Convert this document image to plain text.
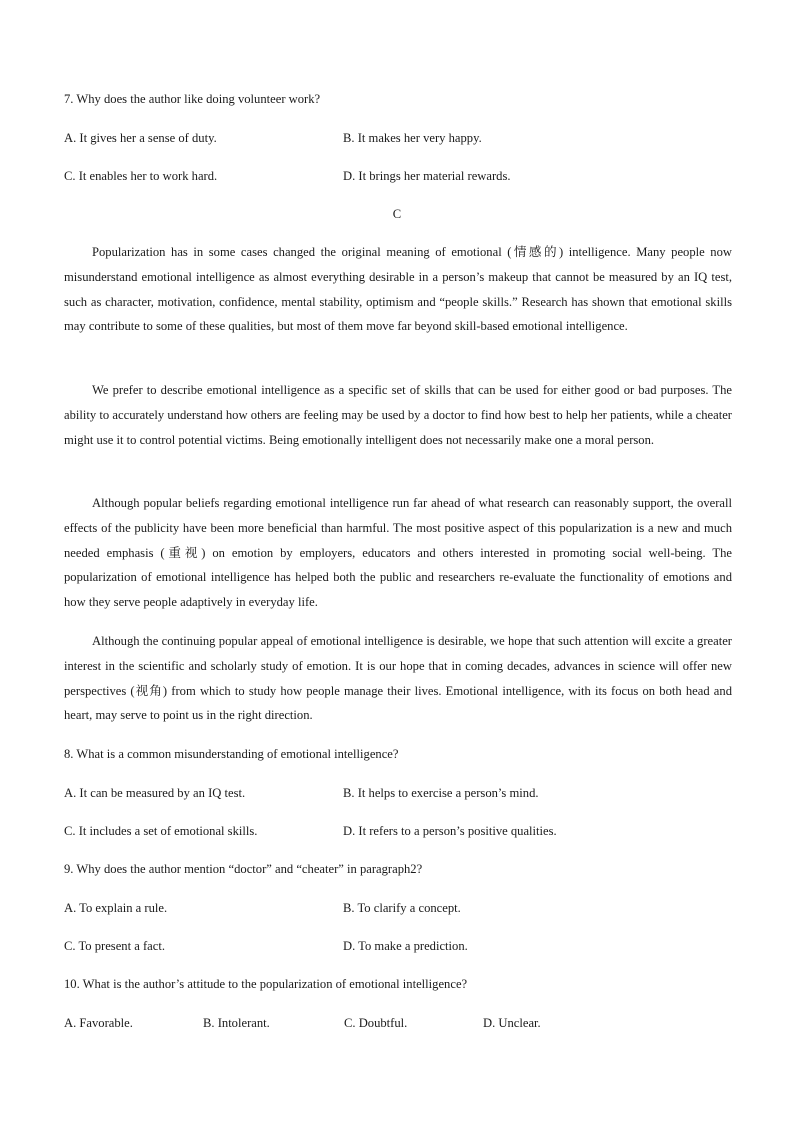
7. Why does the author like doing volunteer work?
A. It gives her a sense of duty.	B. It makes her very happy.
C. It enables her to work hard.	D. It brings her material rewards.
C

Popularization has in some cases changed the original meaning of emotional (情感的) intelligence. Many people now misunderstand emotional intelligence as almost everything desirable in a person’s makeup that cannot be measured by an IQ test, such as character, motivation, confidence, mental stability, optimism and “people skills.” Research has shown that emotional skills may contribute to some of these qualities, but most of them move far beyond skill-based emotional intelligence.

We prefer to describe emotional intelligence as a specific set of skills that can be used for either good or bad purposes. The ability to accurately understand how others are feeling may be used by a doctor to find how best to help her patients, while a cheater might use it to control potential victims. Being emotionally intelligent does not necessarily make one a moral person.

Although popular beliefs regarding emotional intelligence run far ahead of what research can reasonably support, the overall effects of the publicity have been more beneficial than harmful. The most positive aspect of this popularization is a new and much needed emphasis (重视) on emotion by employers, educators and others interested in promoting social well-being. The popularization of emotional intelligence has helped both the public and researchers re-evaluate the functionality of emotions and how they serve people adaptively in everyday life.

Although the continuing popular appeal of emotional intelligence is desirable, we hope that such attention will excite a greater interest in the scientific and scholarly study of emotion. It is our hope that in coming decades, advances in science will offer new perspectives (视角) from which to study how people manage their lives. Emotional intelligence, with its focus on both head and heart, may serve to point us in the right direction.

8. What is a common misunderstanding of emotional intelligence?
A. It can be measured by an IQ test.	B. It helps to exercise a person’s mind.
C. It includes a set of emotional skills.	D. It refers to a person’s positive qualities.
9. Why does the author mention “doctor” and “cheater” in paragraph2?
A. To explain a rule.	B. To clarify a concept.
C. To present a fact.	D. To make a prediction.
10. What is the author’s attitude to the popularization of emotional intelligence?
A. Favorable.	B. Intolerant.	C. Doubtful.	D. Unclear.
